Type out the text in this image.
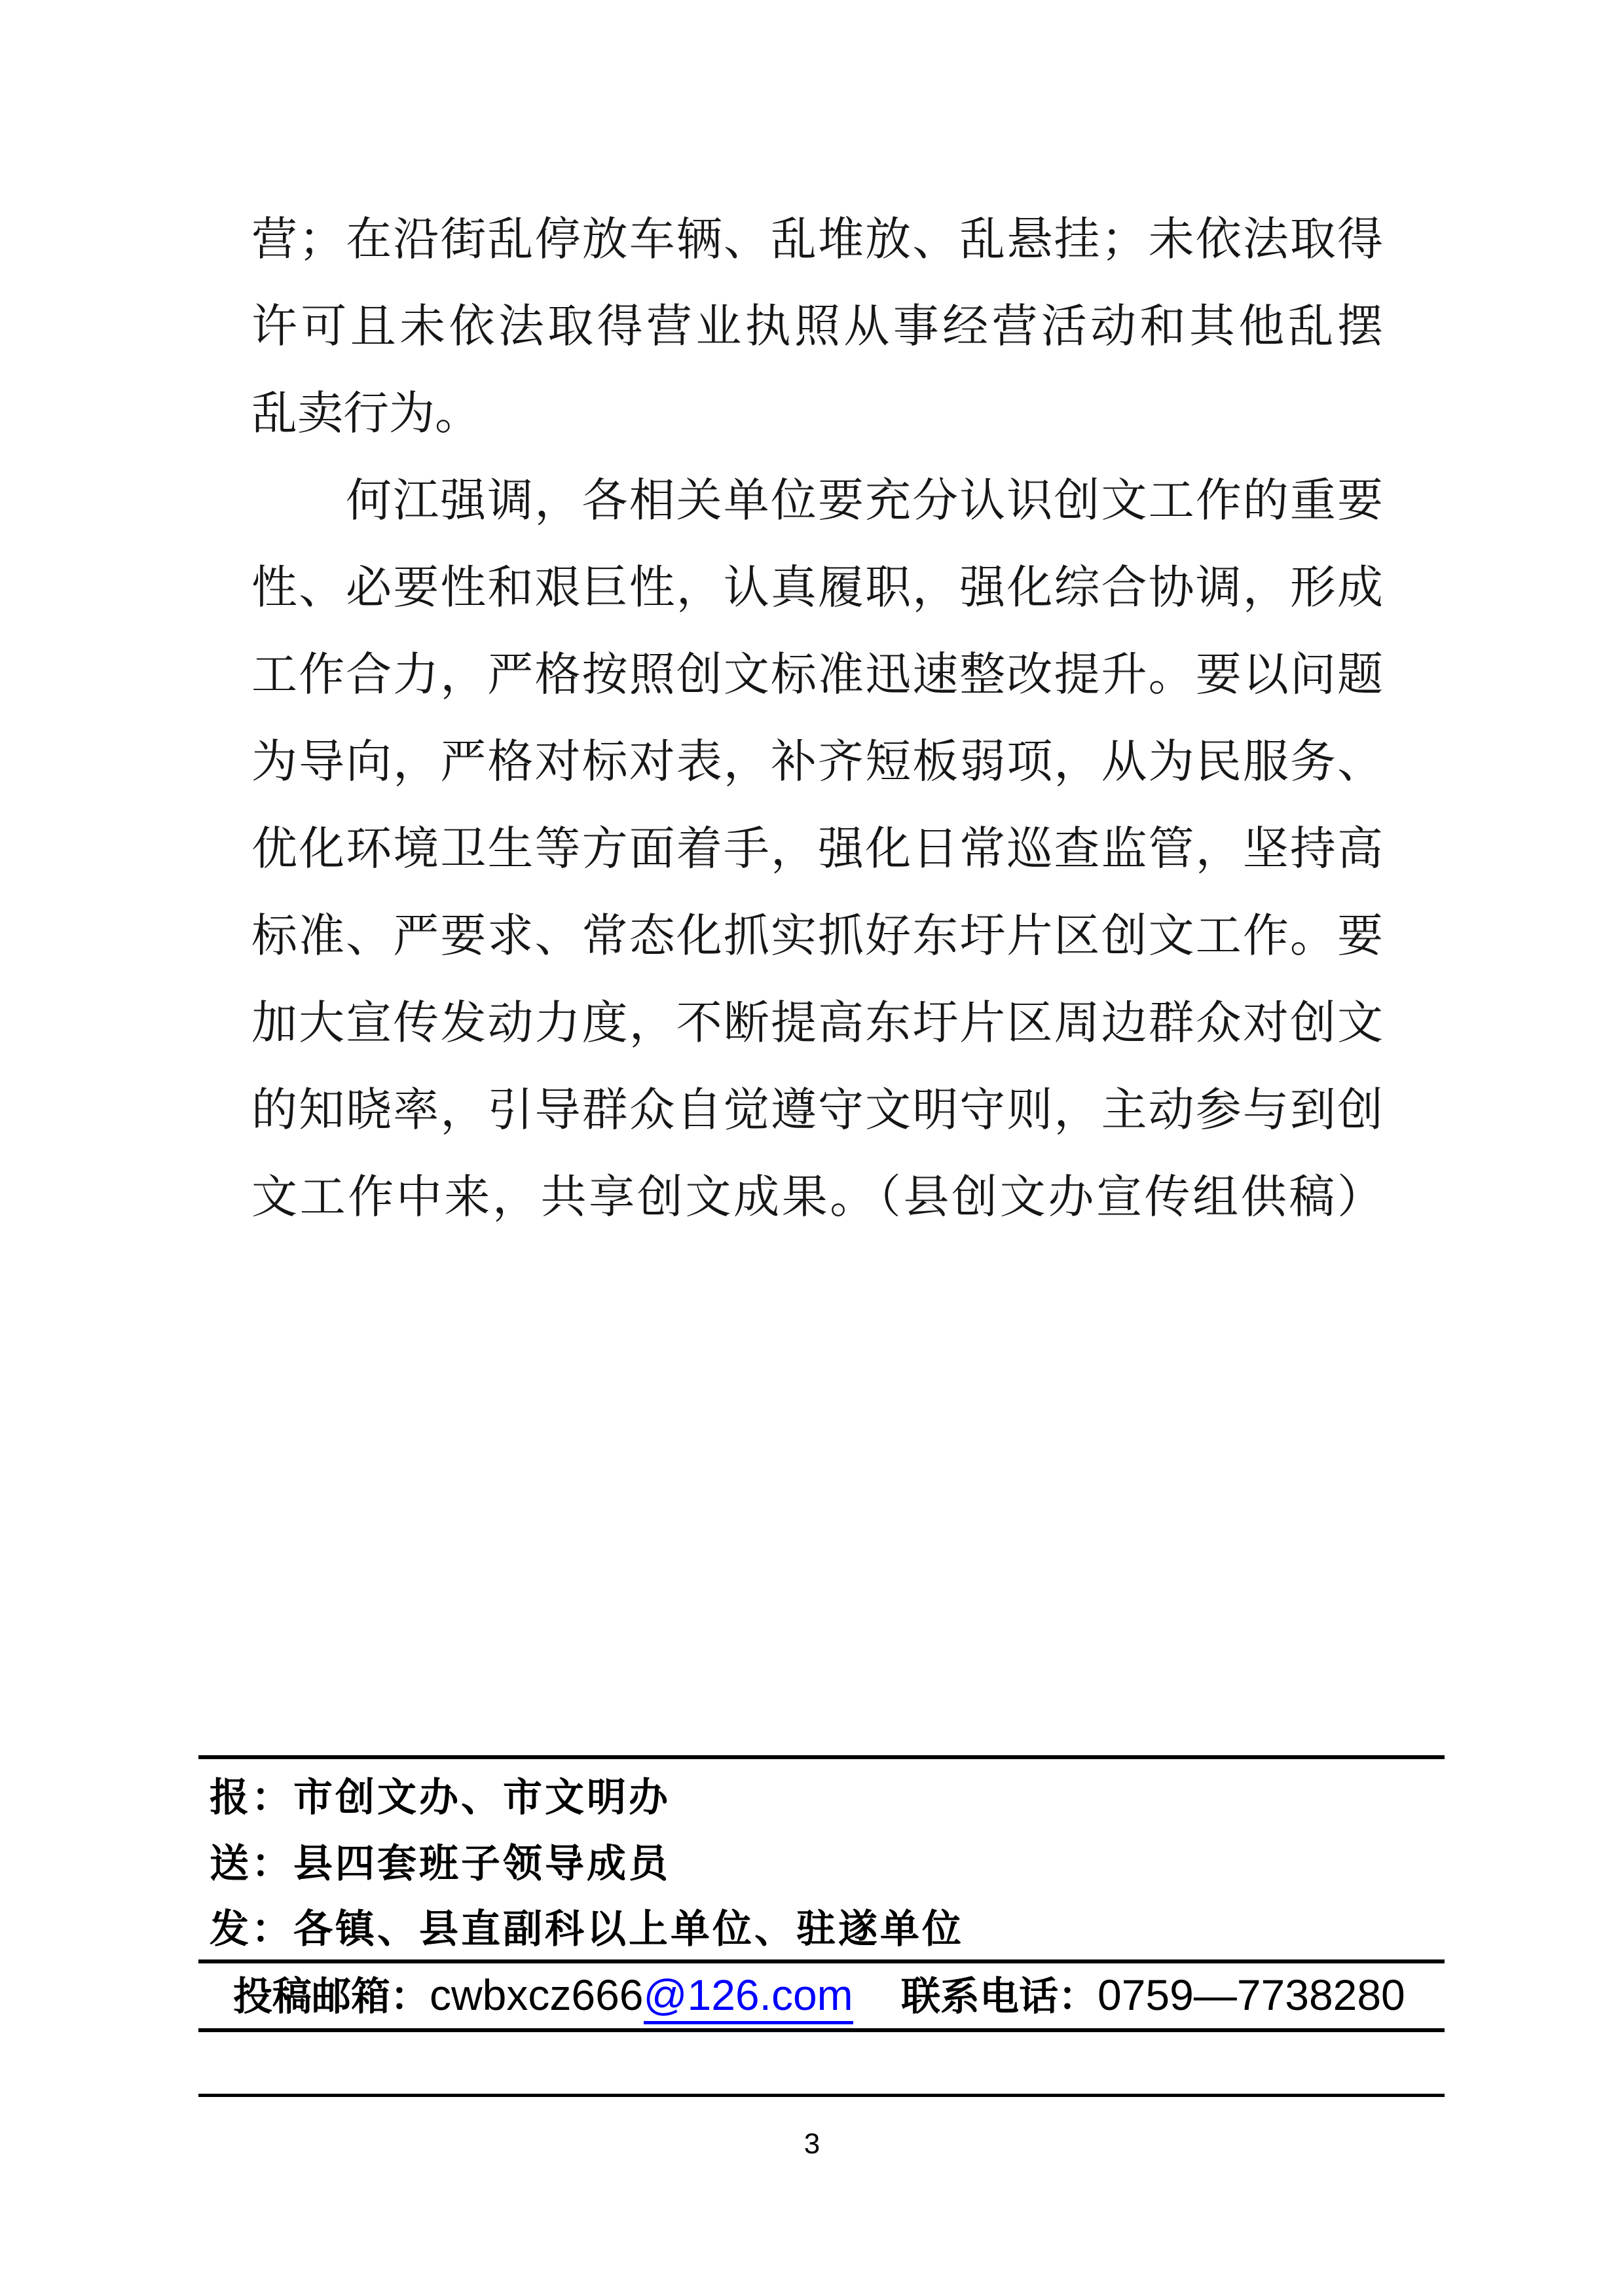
营；在沿街乱停放车辆、乱堆放、乱悬挂；未依法取得
许可且未依法取得营业执照从事经营活动和其他乱摆
乱卖行为。
何江强调，各相关单位要充分认识创文工作的重要
性、必要性和艰巨性，认真履职，强化综合协调，形成
工作合力，严格按照创文标准迅速整改提升。要以问题
为导向，严格对标对表，补齐短板弱项，从为民服务、
优化环境卫生等方面着手，强化日常巡查监管，坚持高
标准、严要求、常态化抓实抓好东圩片区创文工作。要
加大宣传发动力度，不断提高东圩片区周边群众对创文
的知晓率，引导群众自觉遵守文明守则，主动参与到创
文工作中来，共享创文成果。（县创文办宣传组供稿）
报：市创文办、市文明办
送：县四套班子领导成员
发：各镇、县直副科以上单位、驻遂单位
投稿邮箱：cwbxcz666@126.com 联系电话：0759—7738280
3
